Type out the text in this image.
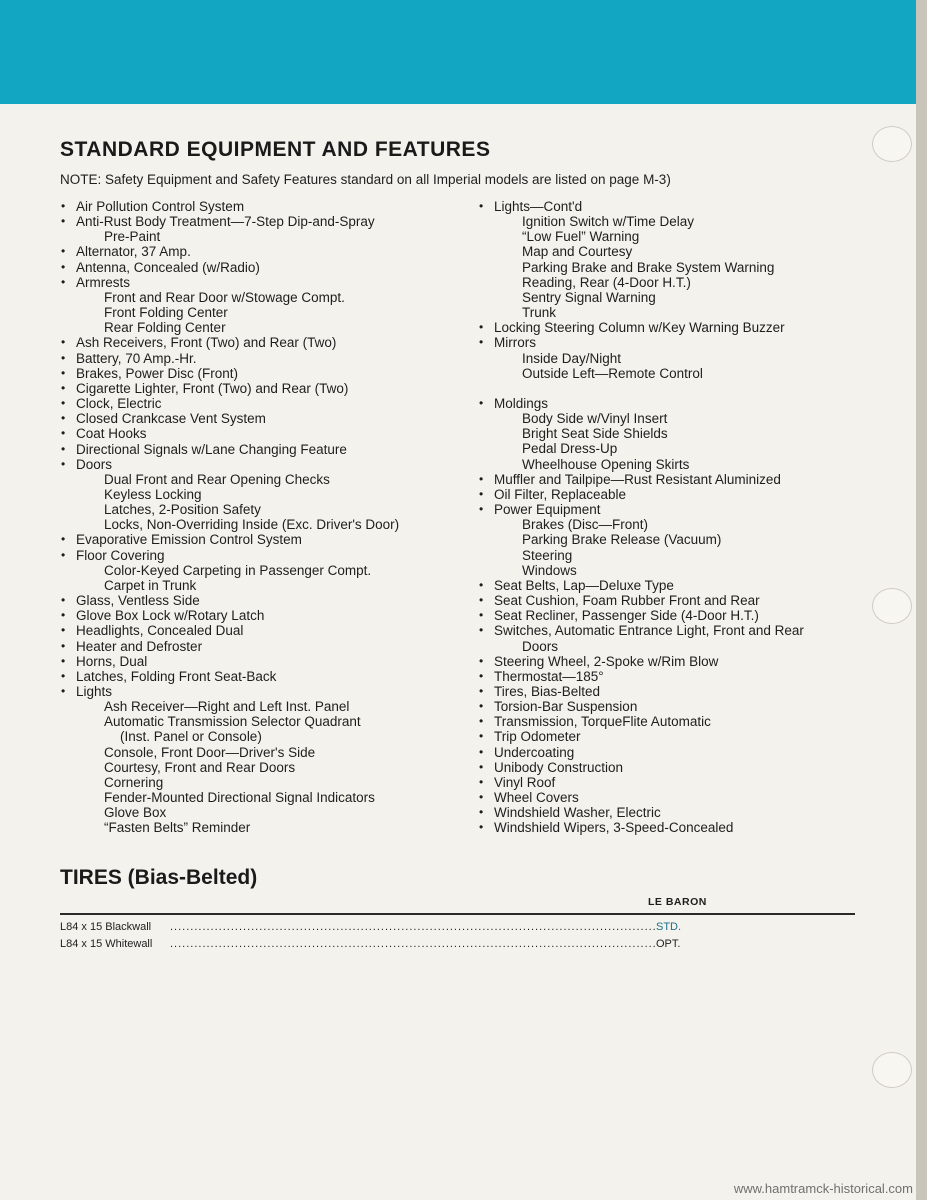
STANDARD EQUIPMENT AND FEATURES

NOTE: Safety Equipment and Safety Features standard on all Imperial models are listed on page M-3)

• Air Pollution Control System
• Anti-Rust Body Treatment—7-Step Dip-and-Spray
Pre-Paint
• Alternator, 37 Amp.
• Antenna, Concealed (w/Radio)
• Armrests
Front and Rear Door w/Stowage Compt.
Front Folding Center
Rear Folding Center
• Ash Receivers, Front (Two) and Rear (Two)
• Battery, 70 Amp.-Hr.
• Brakes, Power Disc (Front)
• Cigarette Lighter, Front (Two) and Rear (Two)
• Clock, Electric
• Closed Crankcase Vent System
• Coat Hooks
• Directional Signals w/Lane Changing Feature
• Doors
Dual Front and Rear Opening Checks
Keyless Locking
Latches, 2-Position Safety
Locks, Non-Overriding Inside (Exc. Driver's Door)
• Evaporative Emission Control System
• Floor Covering
Color-Keyed Carpeting in Passenger Compt.
Carpet in Trunk
• Glass, Ventless Side
• Glove Box Lock w/Rotary Latch
• Headlights, Concealed Dual
• Heater and Defroster
• Horns, Dual
• Latches, Folding Front Seat-Back
• Lights
Ash Receiver—Right and Left Inst. Panel
Automatic Transmission Selector Quadrant
(Inst. Panel or Console)
Console, Front Door—Driver's Side
Courtesy, Front and Rear Doors
Cornering
Fender-Mounted Directional Signal Indicators
Glove Box
“Fasten Belts” Reminder
• Lights—Cont'd
Ignition Switch w/Time Delay
“Low Fuel” Warning
Map and Courtesy
Parking Brake and Brake System Warning
Reading, Rear (4-Door H.T.)
Sentry Signal Warning
Trunk
• Locking Steering Column w/Key Warning Buzzer
• Mirrors
Inside Day/Night
Outside Left—Remote Control
• Moldings
Body Side w/Vinyl Insert
Bright Seat Side Shields
Pedal Dress-Up
Wheelhouse Opening Skirts
• Muffler and Tailpipe—Rust Resistant Aluminized
• Oil Filter, Replaceable
• Power Equipment
Brakes (Disc—Front)
Parking Brake Release (Vacuum)
Steering
Windows
• Seat Belts, Lap—Deluxe Type
• Seat Cushion, Foam Rubber Front and Rear
• Seat Recliner, Passenger Side (4-Door H.T.)
• Switches, Automatic Entrance Light, Front and Rear
Doors
• Steering Wheel, 2-Spoke w/Rim Blow
• Thermostat—185°
• Tires, Bias-Belted
• Torsion-Bar Suspension
• Transmission, TorqueFlite Automatic
• Trip Odometer
• Undercoating
• Unibody Construction
• Vinyl Roof
• Wheel Covers
• Windshield Washer, Electric
• Windshield Wipers, 3-Speed-Concealed
TIRES (Bias-Belted)
LE BARON
L84 x 15 Blackwall ........................................................................................................................ STD.
L84 x 15 Whitewall ........................................................................................................................ OPT.
www.hamtramck-historical.com
